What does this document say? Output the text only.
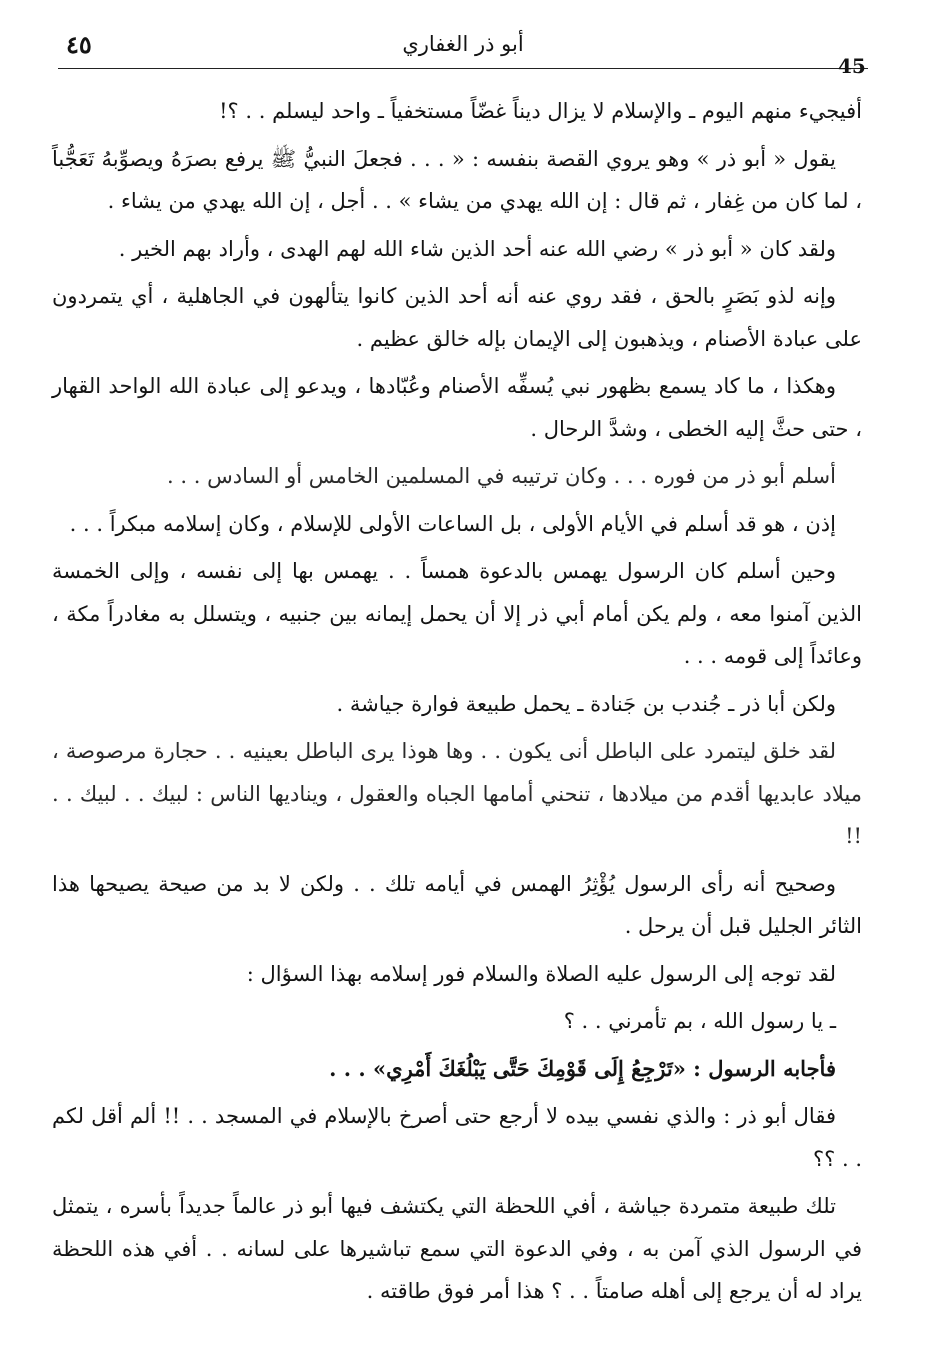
أبو ذر الغفاري
٤٥
45

أفيجيء منهم اليوم ـ والإسلام لا يزال ديناً غضّاً مستخفياً ـ واحد ليسلم . . ؟!

يقول « أبو ذر » وهو يروي القصة بنفسه : « . . . فجعلَ النبيُّ ﷺ يرفع بصرَهُ ويصوِّبهُ تَعَجُّباً ، لما كان من غِفار ، ثم قال : إن الله يهدي من يشاء » . . أجل ، إن الله يهدي من يشاء .

ولقد كان « أبو ذر » رضي الله عنه أحد الذين شاء الله لهم الهدى ، وأراد بهم الخير .

وإنه لذو بَصَرٍ بالحق ، فقد روي عنه أنه أحد الذين كانوا يتألهون في الجاهلية ، أي يتمردون على عبادة الأصنام ، ويذهبون إلى الإيمان بإله خالق عظيم .

وهكذا ، ما كاد يسمع بظهور نبي يُسفِّه الأصنام وعُبّادها ، ويدعو إلى عبادة الله الواحد القهار ، حتى حثَّ إليه الخطى ، وشدَّ الرحال .

أسلم أبو ذر من فوره . . . وكان ترتيبه في المسلمين الخامس أو السادس . . .

إذن ، هو قد أسلم في الأيام الأولى ، بل الساعات الأولى للإسلام ، وكان إسلامه مبكراً . . .

وحين أسلم كان الرسول يهمس بالدعوة همساً . . يهمس بها إلى نفسه ، وإلى الخمسة الذين آمنوا معه ، ولم يكن أمام أبي ذر إلا أن يحمل إيمانه بين جنبيه ، ويتسلل به مغادراً مكة ، وعائداً إلى قومه . . .

ولكن أبا ذر ـ جُندب بن جَنادة ـ يحمل طبيعة فوارة جياشة .

لقد خلق ليتمرد على الباطل أنى يكون . . وها هوذا يرى الباطل بعينيه . . حجارة مرصوصة ، ميلاد عابديها أقدم من ميلادها ، تنحني أمامها الجباه والعقول ، ويناديها الناس : لبيك . . لبيك . . !!

وصحيح أنه رأى الرسول يُؤْثِرُ الهمس في أيامه تلك . . ولكن لا بد من صيحة يصيحها هذا الثائر الجليل قبل أن يرحل .

لقد توجه إلى الرسول عليه الصلاة والسلام فور إسلامه بهذا السؤال :

ـ يا رسول الله ، بم تأمرني . . ؟

فأجابه الرسول : «تَرْجِعُ إِلَى قَوْمِكَ حَتَّى يَبْلُغَكَ أَمْرِي» . . .

فقال أبو ذر : والذي نفسي بيده لا أرجع حتى أصرخ بالإسلام في المسجد . . !! ألم أقل لكم . . ؟؟

تلك طبيعة متمردة جياشة ، أفي اللحظة التي يكتشف فيها أبو ذر عالماً جديداً بأسره ، يتمثل في الرسول الذي آمن به ، وفي الدعوة التي سمع تباشيرها على لسانه . . أفي هذه اللحظة يراد له أن يرجع إلى أهله صامتاً . . ؟ هذا أمر فوق طاقته .
